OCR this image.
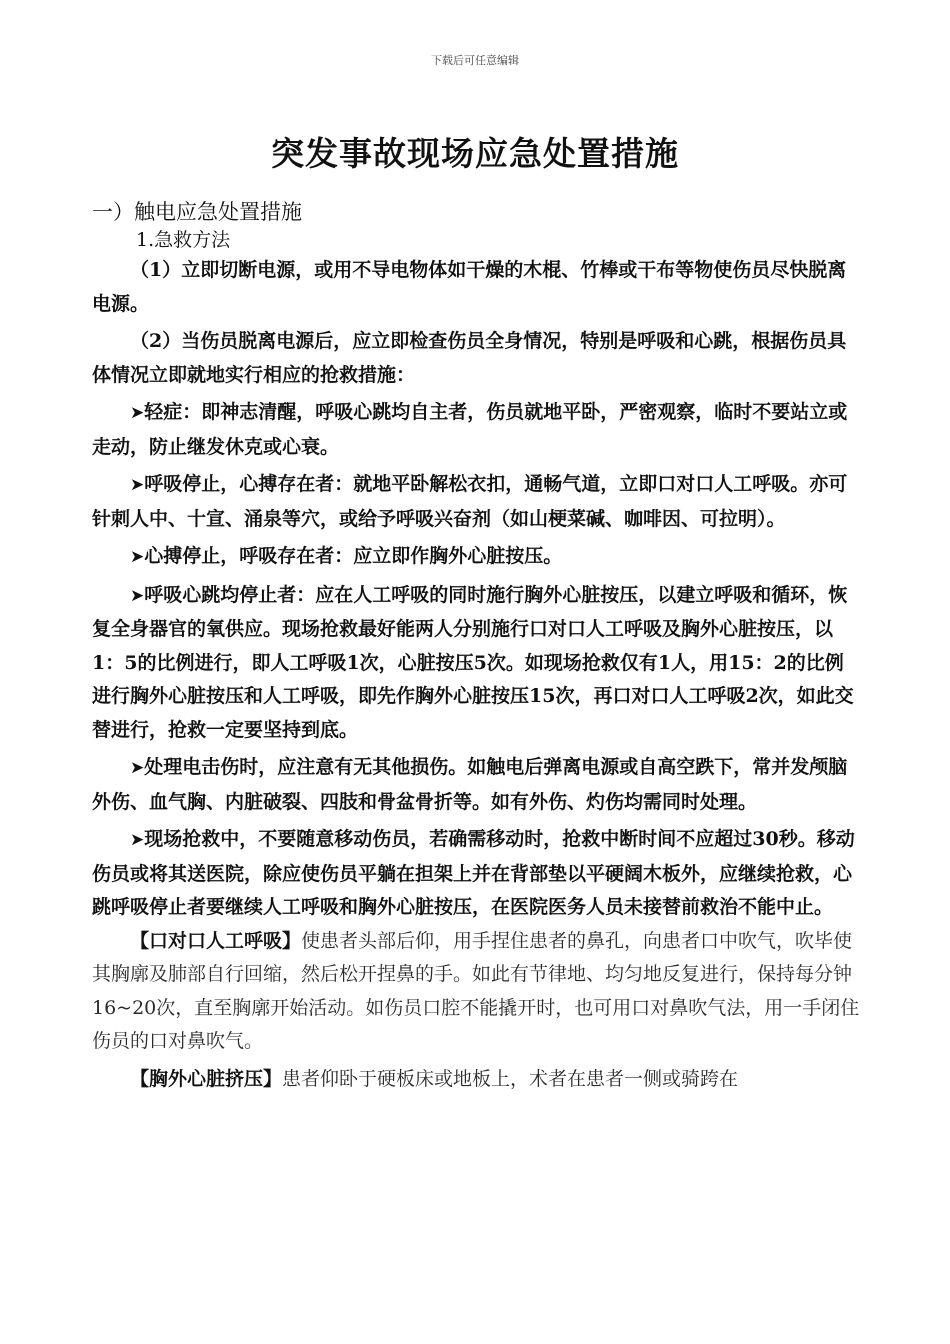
下载后可任意编辑
突发事故现场应急处置措施

一）触电应急处置措施

1.急救方法

（1）立即切断电源，或用不导电物体如干燥的木棍、竹棒或干布等物使伤员尽快脱离电源。

（2）当伤员脱离电源后，应立即检查伤员全身情况，特别是呼吸和心跳，根据伤员具体情况立即就地实行相应的抢救措施：

➤轻症：即神志清醒，呼吸心跳均自主者，伤员就地平卧，严密观察，临时不要站立或走动，防止继发休克或心衰。

➤呼吸停止，心搏存在者：就地平卧解松衣扣，通畅气道，立即口对口人工呼吸。亦可针刺人中、十宣、涌泉等穴，或给予呼吸兴奋剂（如山梗菜碱、咖啡因、可拉明）。

➤心搏停止，呼吸存在者：应立即作胸外心脏按压。

➤呼吸心跳均停止者：应在人工呼吸的同时施行胸外心脏按压，以建立呼吸和循环，恢复全身器官的氧供应。现场抢救最好能两人分别施行口对口人工呼吸及胸外心脏按压，以1：5的比例进行，即人工呼吸1次，心脏按压5次。如现场抢救仅有1人，用15：2的比例进行胸外心脏按压和人工呼吸，即先作胸外心脏按压15次，再口对口人工呼吸2次，如此交替进行，抢救一定要坚持到底。

➤处理电击伤时，应注意有无其他损伤。如触电后弹离电源或自高空跌下，常并发颅脑外伤、血气胸、内脏破裂、四肢和骨盆骨折等。如有外伤、灼伤均需同时处理。

➤现场抢救中，不要随意移动伤员，若确需移动时，抢救中断时间不应超过30秒。移动伤员或将其送医院，除应使伤员平躺在担架上并在背部垫以平硬阔木板外，应继续抢救，心跳呼吸停止者要继续人工呼吸和胸外心脏按压，在医院医务人员未接替前救治不能中止。

【口对口人工呼吸】使患者头部后仰，用手捏住患者的鼻孔，向患者口中吹气，吹毕使其胸廓及肺部自行回缩，然后松开捏鼻的手。如此有节律地、均匀地反复进行，保持每分钟16~20次，直至胸廓开始活动。如伤员口腔不能撬开时，也可用口对鼻吹气法，用一手闭住伤员的口对鼻吹气。

【胸外心脏挤压】患者仰卧于硬板床或地板上，术者在患者一侧或骑跨在
